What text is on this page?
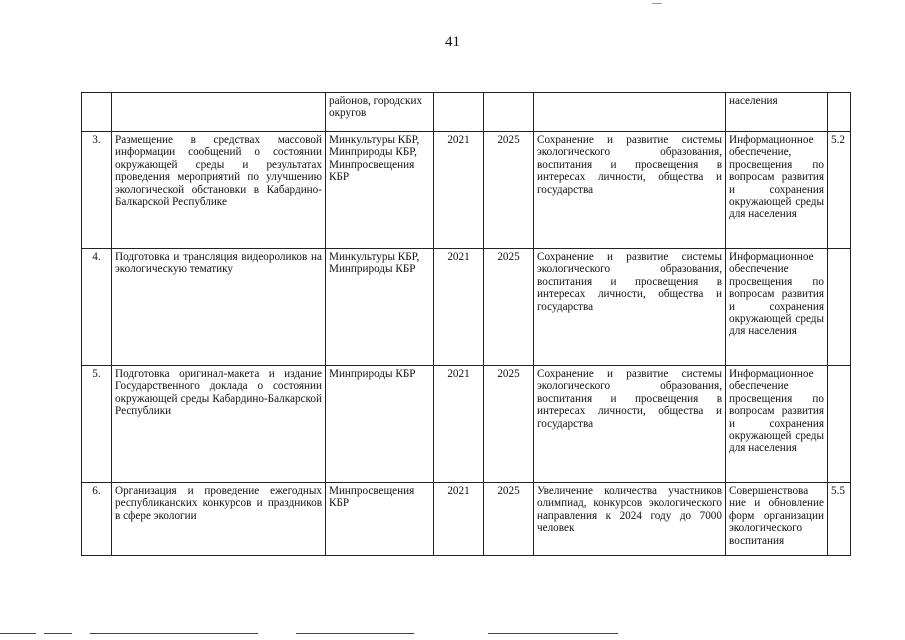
41
		районов, городских округов				населения	
3.	Размещение в средствах массовой информации сообщений о состоянии окружающей среды и результатах проведения мероприятий по улучшению экологической обстановки в Кабардино-Балкарской Республике	Минкультуры КБР, Минприроды КБР, Минпросвещения КБР	2021	2025	Сохранение и развитие системы экологического образования, воспитания и просвещения в интересах личности, общества и государства	Информационное обеспечение, просвещения по вопросам развития и сохранения окружающей среды для населения	5.2
4.	Подготовка и трансляция видеороликов на экологическую тематику	Минкультуры КБР, Минприроды КБР	2021	2025	Сохранение и развитие системы экологического образования, воспитания и просвещения в интересах личности, общества и государства	Информационное обеспечение просвещения по вопросам развития и сохранения окружающей среды для населения	
5.	Подготовка оригинал-макета и издание Государственного доклада о состоянии окружающей среды Кабардино-Балкарской Республики	Минприроды КБР	2021	2025	Сохранение и развитие системы экологического образования, воспитания и просвещения в интересах личности, общества и государства	Информационное обеспечение просвещения по вопросам развития и сохранения окружающей среды для населения	
6.	Организация и проведение ежегодных республиканских конкурсов и праздников в сфере экологии	Минпросвещения КБР	2021	2025	Увеличение количества участников олимпиад, конкурсов экологического направления к 2024 году до 7000 человек	Совершенствова ние и обновление форм организации экологического воспитания	5.5
